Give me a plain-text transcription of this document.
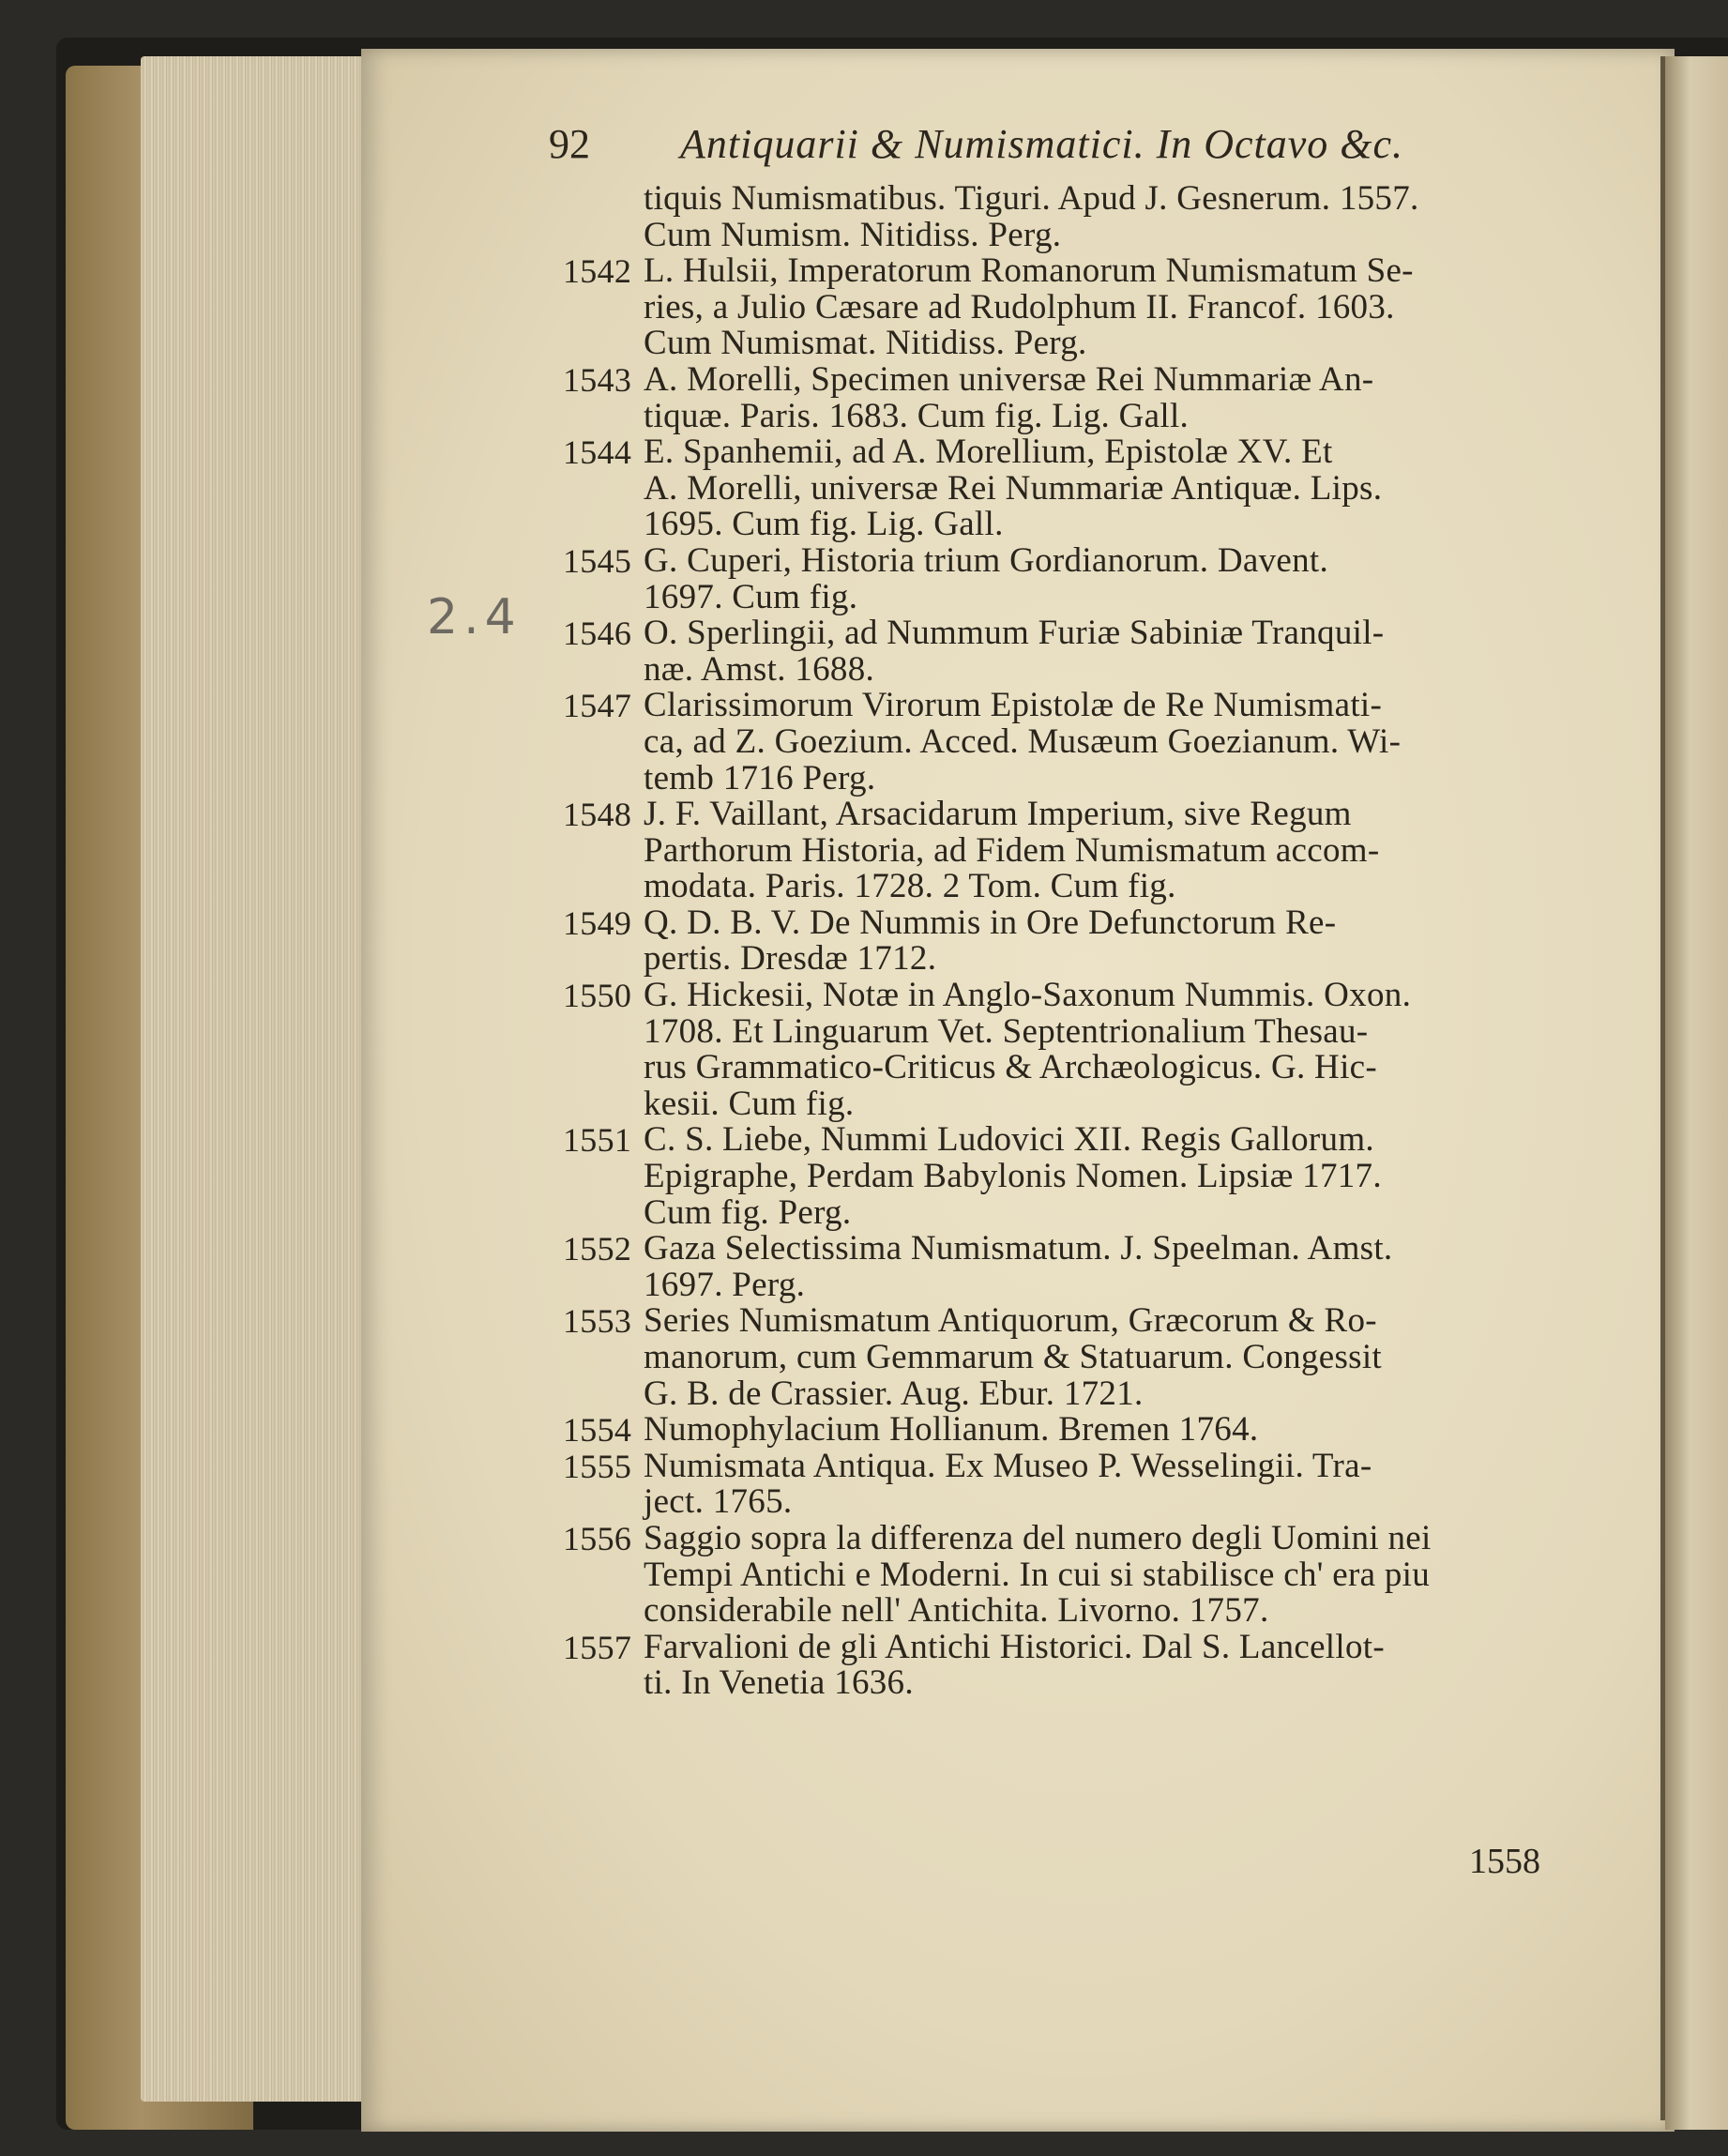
92 Antiquarii & Numismatici. In Octavo &c.
2.4
tiquis Numismatibus. Tiguri. Apud J. Gesnerum. 1557.
Cum Numism. Nitidiss. Perg.
1542 L. Hulsii, Imperatorum Romanorum Numismatum Se-
ries, a Julio Cæsare ad Rudolphum II. Francof. 1603.
Cum Numismat. Nitidiss. Perg.
1543 A. Morelli, Specimen universæ Rei Nummariæ An-
tiquæ. Paris. 1683. Cum fig. Lig. Gall.
1544 E. Spanhemii, ad A. Morellium, Epistolæ XV. Et
A. Morelli, universæ Rei Nummariæ Antiquæ. Lips.
1695. Cum fig. Lig. Gall.
1545 G. Cuperi, Historia trium Gordianorum. Davent.
1697. Cum fig.
1546 O. Sperlingii, ad Nummum Furiæ Sabiniæ Tranquil-
næ. Amst. 1688.
1547 Clarissimorum Virorum Epistolæ de Re Numismati-
ca, ad Z. Goezium. Acced. Musæum Goezianum. Wi-
temb 1716 Perg.
1548 J. F. Vaillant, Arsacidarum Imperium, sive Regum
Parthorum Historia, ad Fidem Numismatum accom-
modata. Paris. 1728. 2 Tom. Cum fig.
1549 Q. D. B. V. De Nummis in Ore Defunctorum Re-
pertis. Dresdæ 1712.
1550 G. Hickesii, Notæ in Anglo-Saxonum Nummis. Oxon.
1708. Et Linguarum Vet. Septentrionalium Thesau-
rus Grammatico-Criticus & Archæologicus. G. Hic-
kesii. Cum fig.
1551 C. S. Liebe, Nummi Ludovici XII. Regis Gallorum.
Epigraphe, Perdam Babylonis Nomen. Lipsiæ 1717.
Cum fig. Perg.
1552 Gaza Selectissima Numismatum. J. Speelman. Amst.
1697. Perg.
1553 Series Numismatum Antiquorum, Græcorum & Ro-
manorum, cum Gemmarum & Statuarum. Congessit
G. B. de Crassier. Aug. Ebur. 1721.
1554 Numophylacium Hollianum. Bremen 1764.
1555 Numismata Antiqua. Ex Museo P. Wesselingii. Tra-
ject. 1765.
1556 Saggio sopra la differenza del numero degli Uomini nei
Tempi Antichi e Moderni. In cui si stabilisce ch' era piu
considerabile nell' Antichita. Livorno. 1757.
1557 Farvalioni de gli Antichi Historici. Dal S. Lancellot-
ti. In Venetia 1636.
1558
